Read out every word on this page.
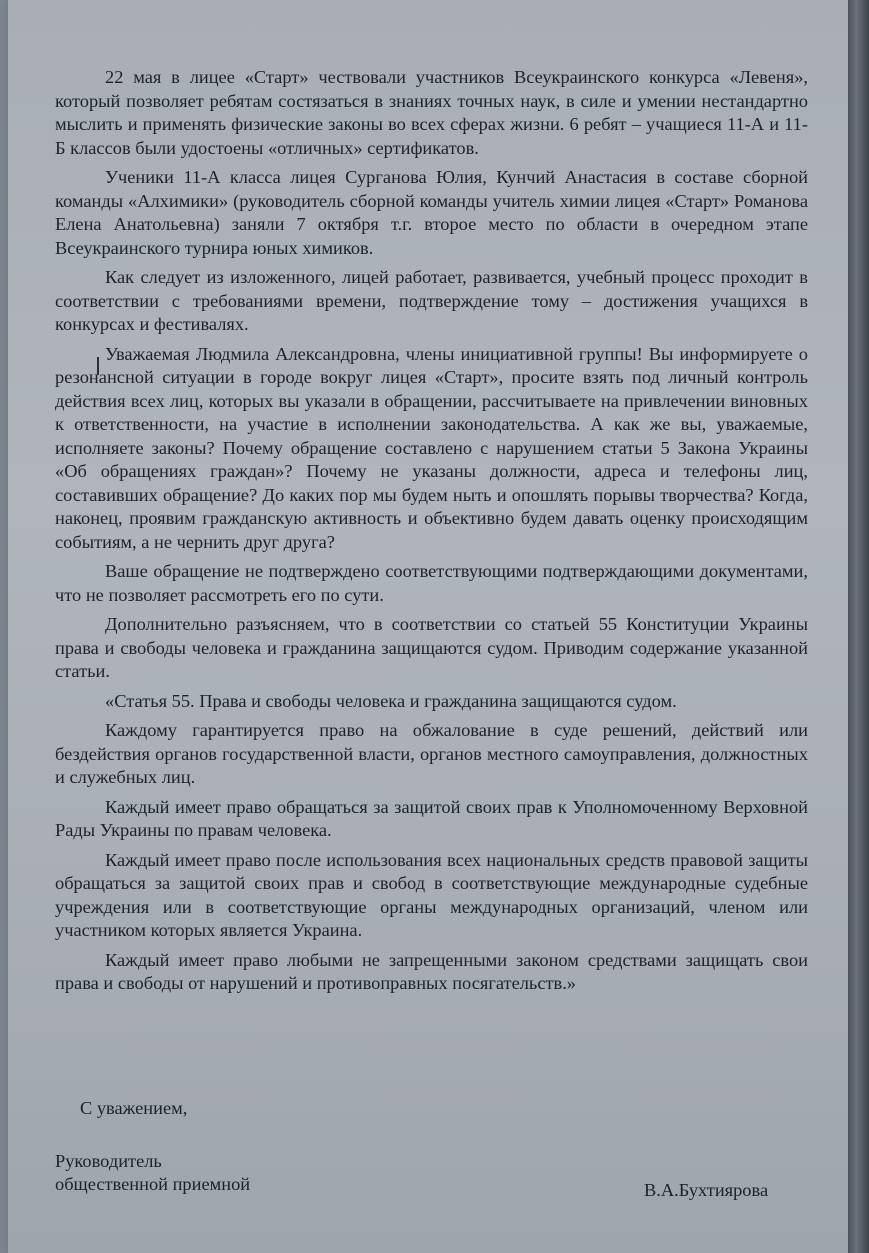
22 мая в лицее «Старт» чествовали участников Всеукраинского конкурса «Левеня», который позволяет ребятам состязаться в знаниях точных наук, в силе и умении нестандартно мыслить и применять физические законы во всех сферах жизни. 6 ребят – учащиеся 11-А и 11-Б классов были удостоены «отличных» сертификатов.

Ученики 11-А класса лицея Сурганова Юлия, Кунчий Анастасия в составе сборной команды «Алхимики» (руководитель сборной команды учитель химии лицея «Старт» Романова Елена Анатольевна) заняли 7 октября т.г. второе место по области в очередном этапе Всеукраинского турнира юных химиков.

Как следует из изложенного, лицей работает, развивается, учебный процесс проходит в соответствии с требованиями времени, подтверждение тому – достижения учащихся в конкурсах и фестивалях.

Уважаемая Людмила Александровна, члены инициативной группы! Вы информируете о резонансной ситуации в городе вокруг лицея «Старт», просите взять под личный контроль действия всех лиц, которых вы указали в обращении, рассчитываете на привлечении виновных к ответственности, на участие в исполнении законодательства. А как же вы, уважаемые, исполняете законы? Почему обращение составлено с нарушением статьи 5 Закона Украины «Об обращениях граждан»? Почему не указаны должности, адреса и телефоны лиц, составивших обращение? До каких пор мы будем ныть и опошлять порывы творчества? Когда, наконец, проявим гражданскую активность и объективно будем давать оценку происходящим событиям, а не чернить друг друга?

Ваше обращение не подтверждено соответствующими подтверждающими документами, что не позволяет рассмотреть его по сути.

Дополнительно разъясняем, что в соответствии со статьей 55 Конституции Украины права и свободы человека и гражданина защищаются судом. Приводим содержание указанной статьи.

«Статья 55. Права и свободы человека и гражданина защищаются судом.

Каждому гарантируется право на обжалование в суде решений, действий или бездействия органов государственной власти, органов местного самоуправления, должностных и служебных лиц.

Каждый имеет право обращаться за защитой своих прав к Уполномоченному Верховной Рады Украины по правам человека.

Каждый имеет право после использования всех национальных средств правовой защиты обращаться за защитой своих прав и свобод в соответствующие международные судебные учреждения или в соответствующие органы международных организаций, членом или участником которых является Украина.

Каждый имеет право любыми не запрещенными законом средствами защищать свои права и свободы от нарушений и противоправных посягательств.»

С уважением,
Руководитель
общественной приемной	В.А.Бухтиярова
